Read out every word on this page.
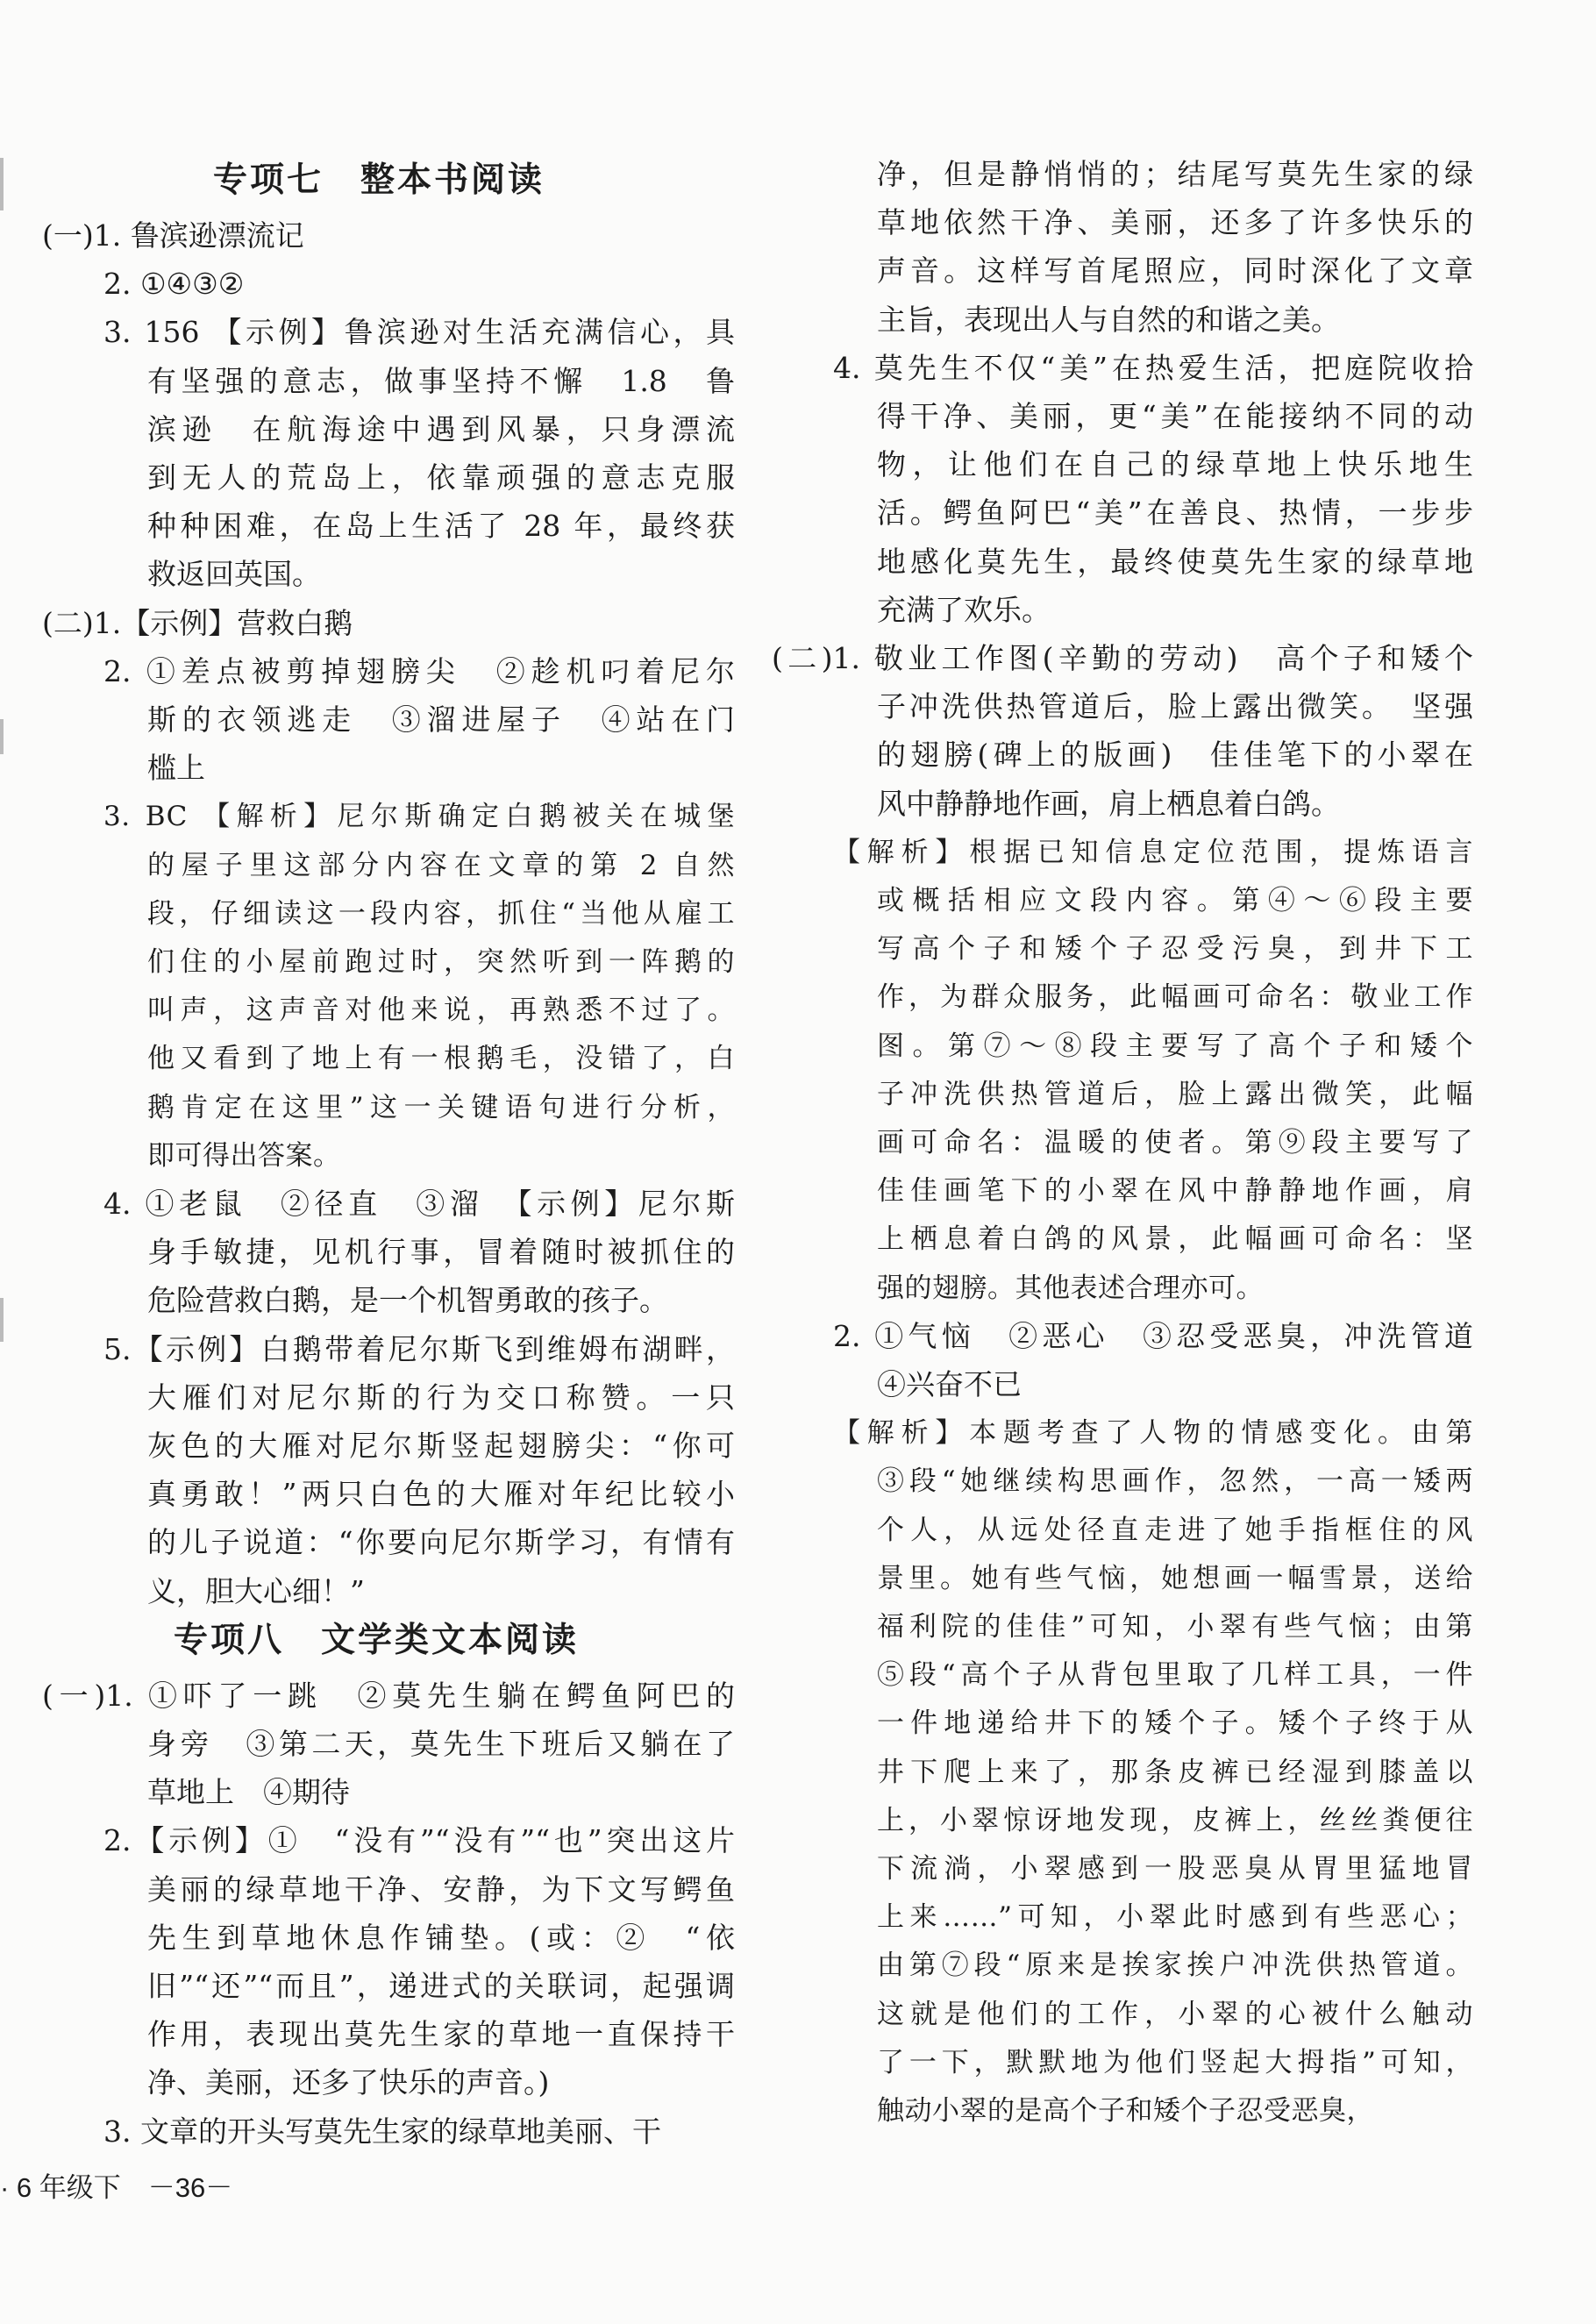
专项七　整本书阅读
(一)1. 鲁滨逊漂流记
2. ①④③②
3. 156 【示例】鲁滨逊对生活充满信心，具
有坚强的意志，做事坚持不懈　1.8　鲁
滨逊　在航海途中遇到风暴，只身漂流
到无人的荒岛上，依靠顽强的意志克服
种种困难，在岛上生活了 28 年，最终获
救返回英国。
(二)1.【示例】营救白鹅
2. ①差点被剪掉翅膀尖　②趁机叼着尼尔
斯的衣领逃走　③溜进屋子　④站在门
槛上
3. BC 【解析】尼尔斯确定白鹅被关在城堡
的屋子里这部分内容在文章的第 2 自然
段，仔细读这一段内容，抓住“当他从雇工
们住的小屋前跑过时，突然听到一阵鹅的
叫声，这声音对他来说，再熟悉不过了。
他又看到了地上有一根鹅毛，没错了，白
鹅肯定在这里”这一关键语句进行分析，
即可得出答案。
4. ①老鼠　②径直　③溜　【示例】尼尔斯
身手敏捷，见机行事，冒着随时被抓住的
危险营救白鹅，是一个机智勇敢的孩子。
5.【示例】白鹅带着尼尔斯飞到维姆布湖畔，
大雁们对尼尔斯的行为交口称赞。一只
灰色的大雁对尼尔斯竖起翅膀尖：“你可
真勇敢！”两只白色的大雁对年纪比较小
的儿子说道：“你要向尼尔斯学习，有情有
义，胆大心细！”
专项八　文学类文本阅读
(一)1. ①吓了一跳　②莫先生躺在鳄鱼阿巴的
身旁　③第二天，莫先生下班后又躺在了
草地上　④期待
2.【示例】①　“没有”“没有”“也”突出这片
美丽的绿草地干净、安静，为下文写鳄鱼
先生到草地休息作铺垫。(或：②　“依
旧”“还”“而且”，递进式的关联词，起强调
作用，表现出莫先生家的草地一直保持干
净、美丽，还多了快乐的声音。)
3. 文章的开头写莫先生家的绿草地美丽、干
净，但是静悄悄的；结尾写莫先生家的绿
草地依然干净、美丽，还多了许多快乐的
声音。这样写首尾照应，同时深化了文章
主旨，表现出人与自然的和谐之美。
4. 莫先生不仅“美”在热爱生活，把庭院收拾
得干净、美丽，更“美”在能接纳不同的动
物，让他们在自己的绿草地上快乐地生
活。鳄鱼阿巴“美”在善良、热情，一步步
地感化莫先生，最终使莫先生家的绿草地
充满了欢乐。
(二)1. 敬业工作图(辛勤的劳动)　高个子和矮个
子冲洗供热管道后，脸上露出微笑。　坚强
的翅膀(碑上的版画)　佳佳笔下的小翠在
风中静静地作画，肩上栖息着白鸽。
【解析】根据已知信息定位范围，提炼语言
或概括相应文段内容。第④～⑥段主要
写高个子和矮个子忍受污臭，到井下工
作，为群众服务，此幅画可命名：敬业工作
图。第⑦～⑧段主要写了高个子和矮个
子冲洗供热管道后，脸上露出微笑，此幅
画可命名：温暖的使者。第⑨段主要写了
佳佳画笔下的小翠在风中静静地作画，肩
上栖息着白鸽的风景，此幅画可命名：坚
强的翅膀。其他表述合理亦可。
2. ①气恼　②恶心　③忍受恶臭，冲洗管道
④兴奋不已
【解析】本题考查了人物的情感变化。由第
③段“她继续构思画作，忽然，一高一矮两
个人，从远处径直走进了她手指框住的风
景里。她有些气恼，她想画一幅雪景，送给
福利院的佳佳”可知，小翠有些气恼；由第
⑤段“高个子从背包里取了几样工具，一件
一件地递给井下的矮个子。矮个子终于从
井下爬上来了，那条皮裤已经湿到膝盖以
上，小翠惊讶地发现，皮裤上，丝丝粪便往
下流淌，小翠感到一股恶臭从胃里猛地冒
上来……”可知，小翠此时感到有些恶心；
由第⑦段“原来是挨家挨户冲洗供热管道。
这就是他们的工作，小翠的心被什么触动
了一下，默默地为他们竖起大拇指”可知，
触动小翠的是高个子和矮个子忍受恶臭，
· 6 年级下　－36－
